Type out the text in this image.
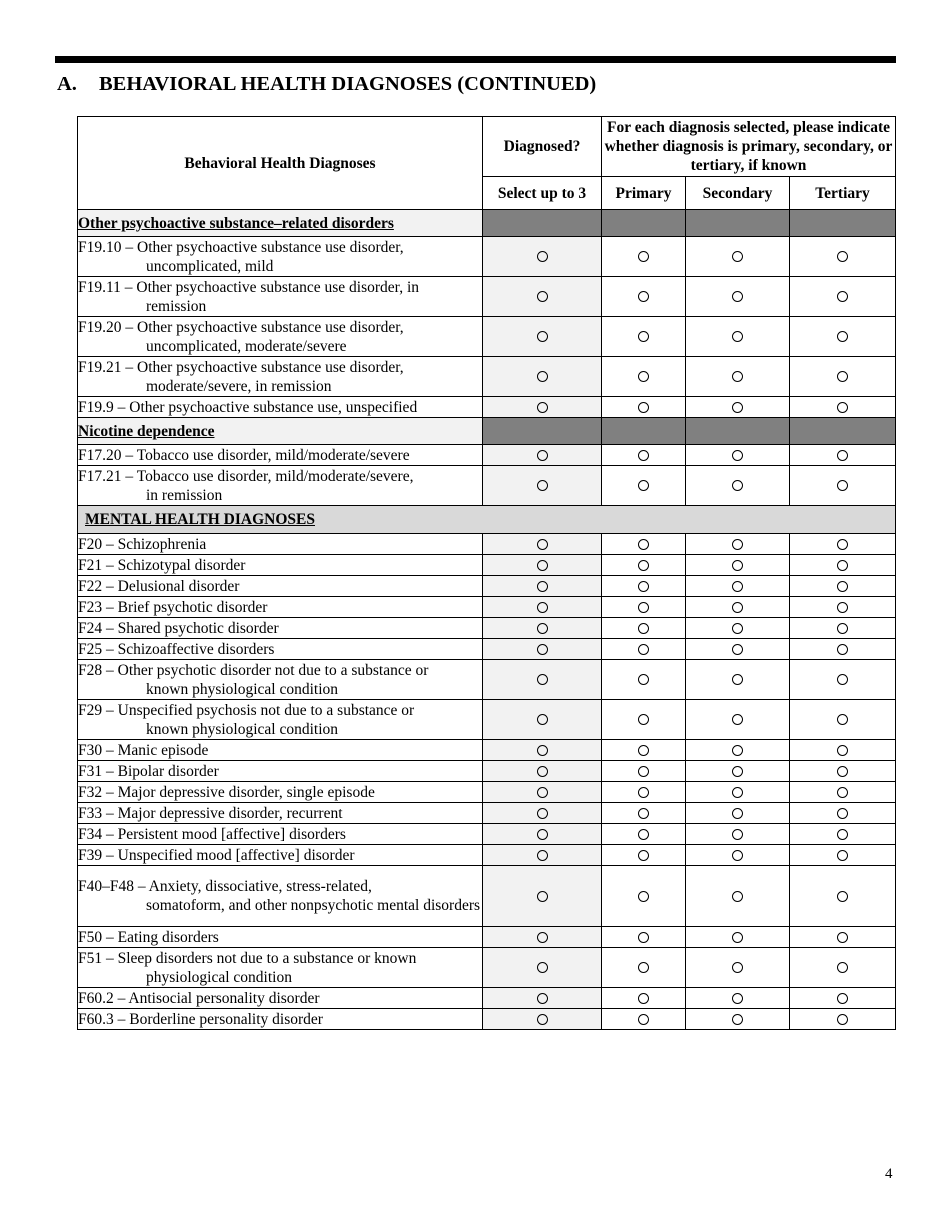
A. BEHAVIORAL HEALTH DIAGNOSES (CONTINUED)
Behavioral Health Diagnoses	Diagnosed?	For each diagnosis selected, please indicate whether diagnosis is primary, secondary, or tertiary, if known		
	Select up to 3	Primary	Secondary	Tertiary
Other psychoactive substance–related disorders				
F19.10 – Other psychoactive substance use disorder,
uncomplicated, mild				

F19.11 – Other psychoactive substance use disorder, in
remission				

F19.20 – Other psychoactive substance use disorder,
uncomplicated, moderate/severe				

F19.21 – Other psychoactive substance use disorder,
moderate/severe, in remission				

F19.9 – Other psychoactive substance use, unspecified				
Nicotine dependence				
F17.20 – Tobacco use disorder, mild/moderate/severe				
F17.21 – Tobacco use disorder, mild/moderate/severe,
in remission				

MENTAL HEALTH DIAGNOSES				
F20 – Schizophrenia				
F21 – Schizotypal disorder				
F22 – Delusional disorder				
F23 – Brief psychotic disorder				
F24 – Shared psychotic disorder				
F25 – Schizoaffective disorders				
F28 – Other psychotic disorder not due to a substance or
known physiological condition				

F29 – Unspecified psychosis not due to a substance or
known physiological condition				

F30 – Manic episode				
F31 – Bipolar disorder				
F32 – Major depressive disorder, single episode				
F33 – Major depressive disorder, recurrent				
F34 – Persistent mood [affective] disorders				
F39 – Unspecified mood [affective] disorder				
F40–F48 – Anxiety, dissociative, stress-related,
somatoform, and other nonpsychotic mental disorders				

F50 – Eating disorders				
F51 – Sleep disorders not due to a substance or known
physiological condition				

F60.2 – Antisocial personality disorder				
F60.3 – Borderline personality disorder				
4
